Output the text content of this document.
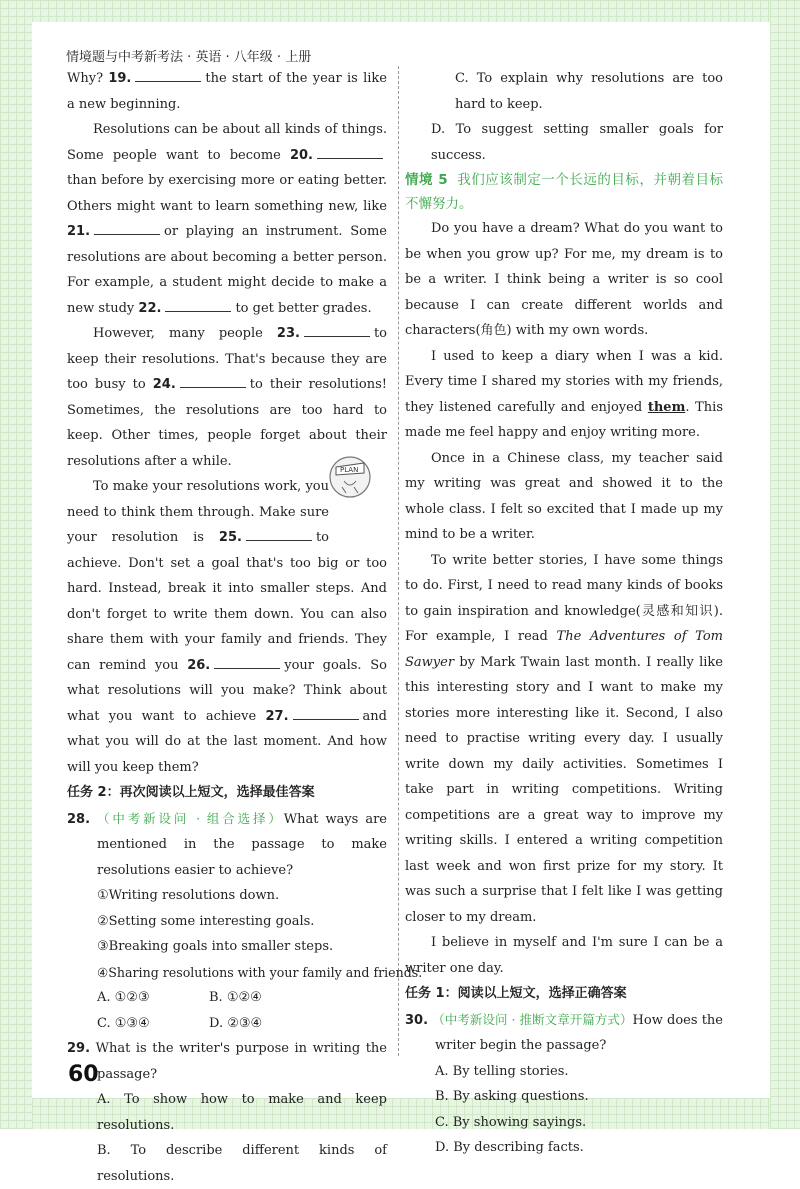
情境题与中考新考法 · 英语 · 八年级 · 上册

Why? 19.	the start of the year is like a new beginning.

Resolutions can be about all kinds of things. Some people want to become 20.than before by exercising more or eating better. Others might want to learn something new, like 21.	or playing an instrument. Some resolutions are about becoming a better person. For example, a student might decide to make a new study 22.	to get better grades.

However, many people 23.	to keep their resolutions. That's because they are too busy to 24.	to their resolutions! Sometimes, the resolutions are too hard to keep. Other times, people forget about their resolutions after a while.

To make your resolutions work, you need to think them through. Make sure your resolution is 25.	to achieve. Don't set a goal that's too big or too hard. Instead, break it into smaller steps. And don't forget to write them down. You can also share them with your family and friends. They can remind you 26.	your goals. So what resolutions will you make? Think about what you want to achieve 27.	and what you will do at the last moment. And how will you keep them?

任务 2：再次阅读以上短文，选择最佳答案

28. （中考新设问 · 组合选择）What ways are mentioned in the passage to make resolutions easier to achieve?

①Writing resolutions down.

②Setting some interesting goals.

③Breaking goals into smaller steps.

④Sharing resolutions with your family and friends.

A. ①②③	B. ①②④

C. ①③④	D. ②③④

29. What is the writer's purpose in writing the passage?

A. To show how to make and keep resolutions.

B. To describe different kinds of resolutions.

PLAN

C. To explain why resolutions are too hard to keep.

D. To suggest setting smaller goals for success.

情境 5 我们应该制定一个长远的目标，并朝着目标不懈努力。

Do you have a dream? What do you want to be when you grow up? For me, my dream is to be a writer. I think being a writer is so cool because I can create different worlds and characters(角色) with my own words.

I used to keep a diary when I was a kid. Every time I shared my stories with my friends, they listened carefully and enjoyed them. This made me feel happy and enjoy writing more.

Once in a Chinese class, my teacher said my writing was great and showed it to the whole class. I felt so excited that I made up my mind to be a writer.

To write better stories, I have some things to do. First, I need to read many kinds of books to gain inspiration and knowledge(灵感和知识). For example, I read The Adventures of Tom Sawyer by Mark Twain last month. I really like this interesting story and I want to make my stories more interesting like it. Second, I also need to practise writing every day. I usually write down my daily activities. Sometimes I take part in writing competitions. Writing competitions are a great way to improve my writing skills. I entered a writing competition last week and won first prize for my story. It was such a surprise that I felt like I was getting closer to my dream.

I believe in myself and I'm sure I can be a writer one day.

任务 1：阅读以上短文，选择正确答案

30. （中考新设问 · 推断文章开篇方式）How does the writer begin the passage?

A. By telling stories.

B. By asking questions.

C. By showing sayings.

D. By describing facts.

60
